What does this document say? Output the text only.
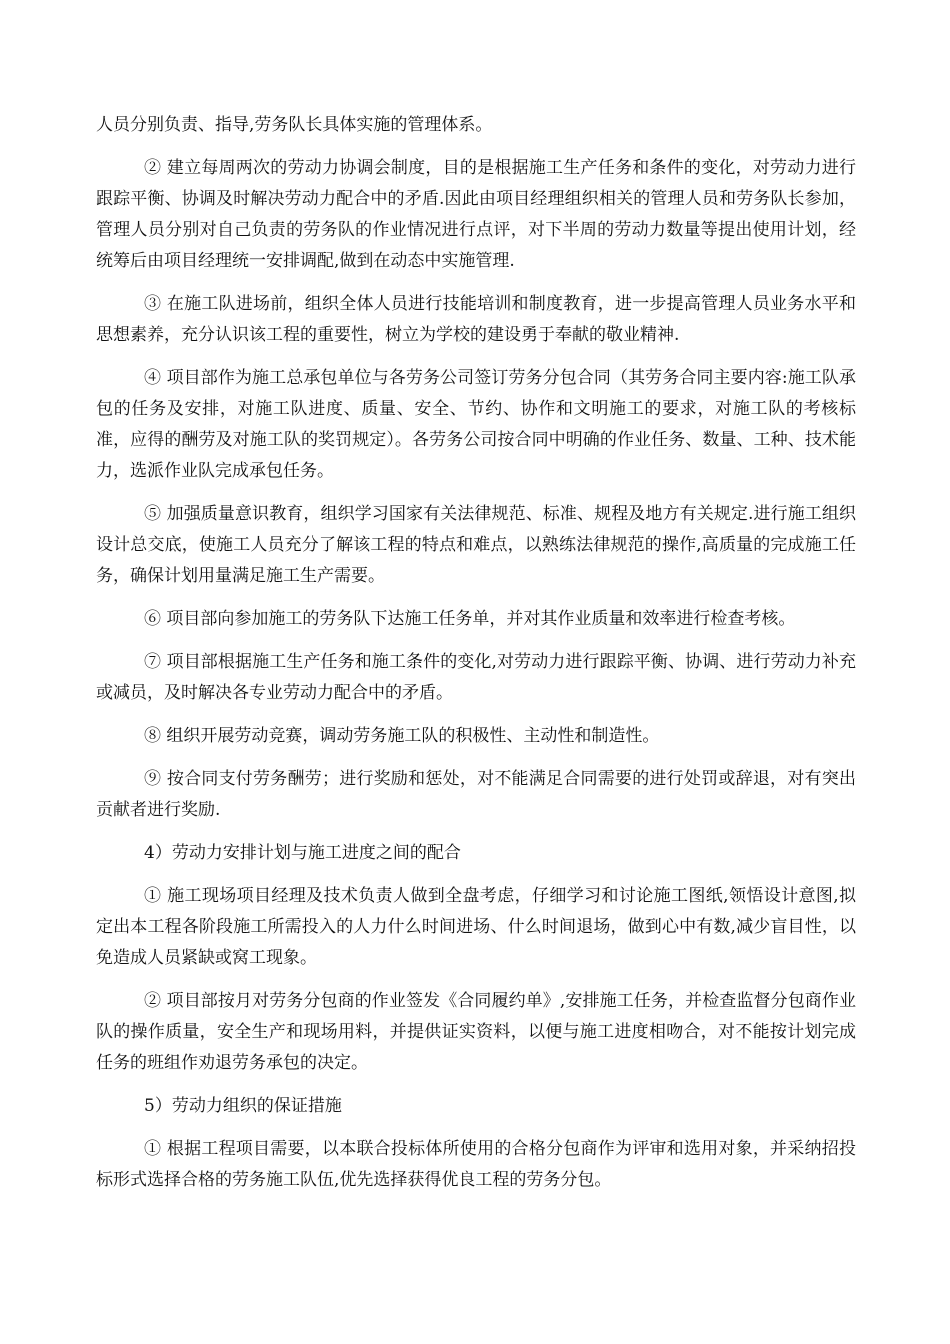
人员分别负责、指导,劳务队长具体实施的管理体系。

② 建立每周两次的劳动力协调会制度，目的是根据施工生产任务和条件的变化，对劳动力进行跟踪平衡、协调及时解决劳动力配合中的矛盾.因此由项目经理组织相关的管理人员和劳务队长参加，管理人员分别对自己负责的劳务队的作业情况进行点评，对下半周的劳动力数量等提出使用计划，经统筹后由项目经理统一安排调配,做到在动态中实施管理.

③ 在施工队进场前，组织全体人员进行技能培训和制度教育，进一步提高管理人员业务水平和思想素养，充分认识该工程的重要性，树立为学校的建设勇于奉献的敬业精神.

④ 项目部作为施工总承包单位与各劳务公司签订劳务分包合同（其劳务合同主要内容:施工队承包的任务及安排，对施工队进度、质量、安全、节约、协作和文明施工的要求，对施工队的考核标准，应得的酬劳及对施工队的奖罚规定）。各劳务公司按合同中明确的作业任务、数量、工种、技术能力，选派作业队完成承包任务。

⑤ 加强质量意识教育，组织学习国家有关法律规范、标准、规程及地方有关规定.进行施工组织设计总交底，使施工人员充分了解该工程的特点和难点，以熟练法律规范的操作,高质量的完成施工任务，确保计划用量满足施工生产需要。

⑥ 项目部向参加施工的劳务队下达施工任务单，并对其作业质量和效率进行检查考核。

⑦ 项目部根据施工生产任务和施工条件的变化,对劳动力进行跟踪平衡、协调、进行劳动力补充或减员，及时解决各专业劳动力配合中的矛盾。

⑧ 组织开展劳动竞赛，调动劳务施工队的积极性、主动性和制造性。

⑨ 按合同支付劳务酬劳；进行奖励和惩处，对不能满足合同需要的进行处罚或辞退，对有突出贡献者进行奖励.

4）劳动力安排计划与施工进度之间的配合

① 施工现场项目经理及技术负责人做到全盘考虑，仔细学习和讨论施工图纸,领悟设计意图,拟定出本工程各阶段施工所需投入的人力什么时间进场、什么时间退场，做到心中有数,减少盲目性，以免造成人员紧缺或窝工现象。

② 项目部按月对劳务分包商的作业签发《合同履约单》,安排施工任务，并检查监督分包商作业队的操作质量，安全生产和现场用料，并提供证实资料，以便与施工进度相吻合，对不能按计划完成任务的班组作劝退劳务承包的决定。

5）劳动力组织的保证措施

① 根据工程项目需要，以本联合投标体所使用的合格分包商作为评审和选用对象，并采纳招投标形式选择合格的劳务施工队伍,优先选择获得优良工程的劳务分包。
